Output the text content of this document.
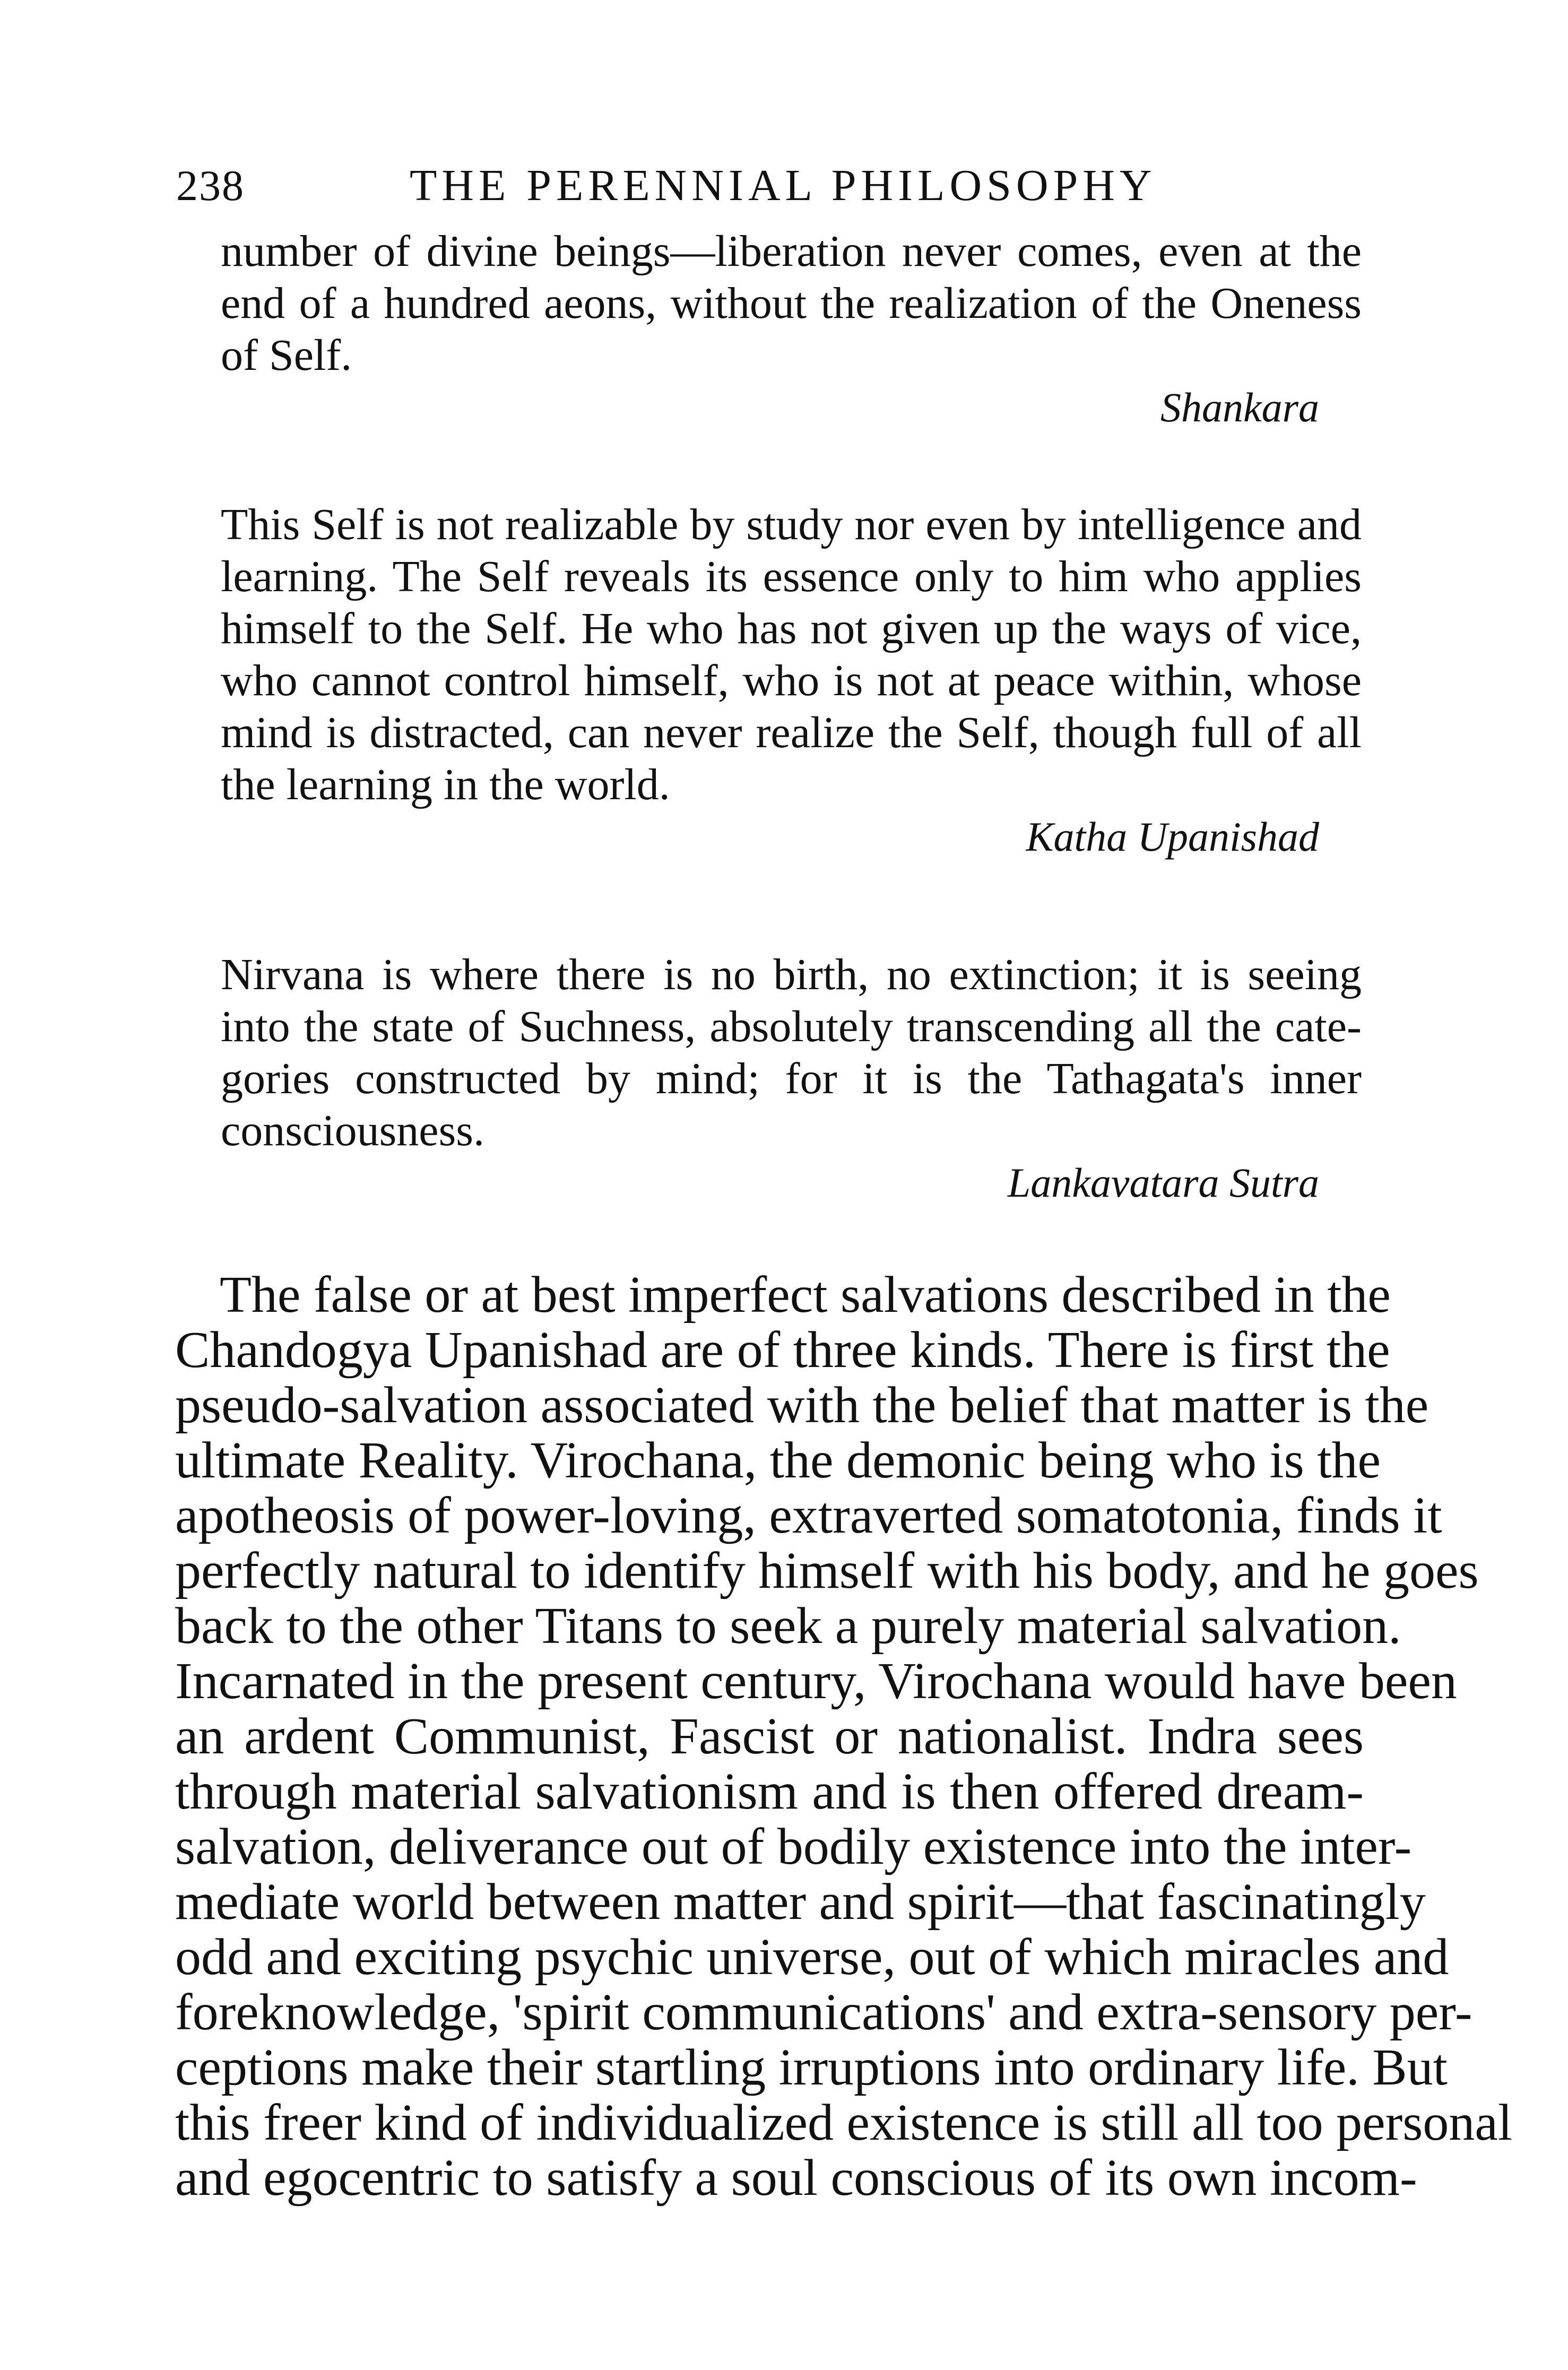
238	THE PERENNIAL PHILOSOPHY
number of divine beings—liberation never comes, even at the
end of a hundred aeons, without the realization of the Oneness
of Self.
Shankara
This Self is not realizable by study nor even by intelligence and
learning. The Self reveals its essence only to him who applies
himself to the Self. He who has not given up the ways of vice,
who cannot control himself, who is not at peace within, whose
mind is distracted, can never realize the Self, though full of all
the learning in the world.
Katha Upanishad
Nirvana is where there is no birth, no extinction; it is seeing
into the state of Suchness, absolutely transcending all the cate-
gories constructed by mind; for it is the Tathagata's inner
consciousness.
Lankavatara Sutra
The false or at best imperfect salvations described in the
Chandogya Upanishad are of three kinds. There is first the
pseudo-salvation associated with the belief that matter is the
ultimate Reality. Virochana, the demonic being who is the
apotheosis of power-loving, extraverted somatotonia, finds it
perfectly natural to identify himself with his body, and he goes
back to the other Titans to seek a purely material salvation.
Incarnated in the present century, Virochana would have been
an ardent Communist, Fascist or nationalist. Indra sees
through material salvationism and is then offered dream-
salvation, deliverance out of bodily existence into the inter-
mediate world between matter and spirit—that fascinatingly
odd and exciting psychic universe, out of which miracles and
foreknowledge, 'spirit communications' and extra-sensory per-
ceptions make their startling irruptions into ordinary life. But
this freer kind of individualized existence is still all too personal
and egocentric to satisfy a soul conscious of its own incom-
